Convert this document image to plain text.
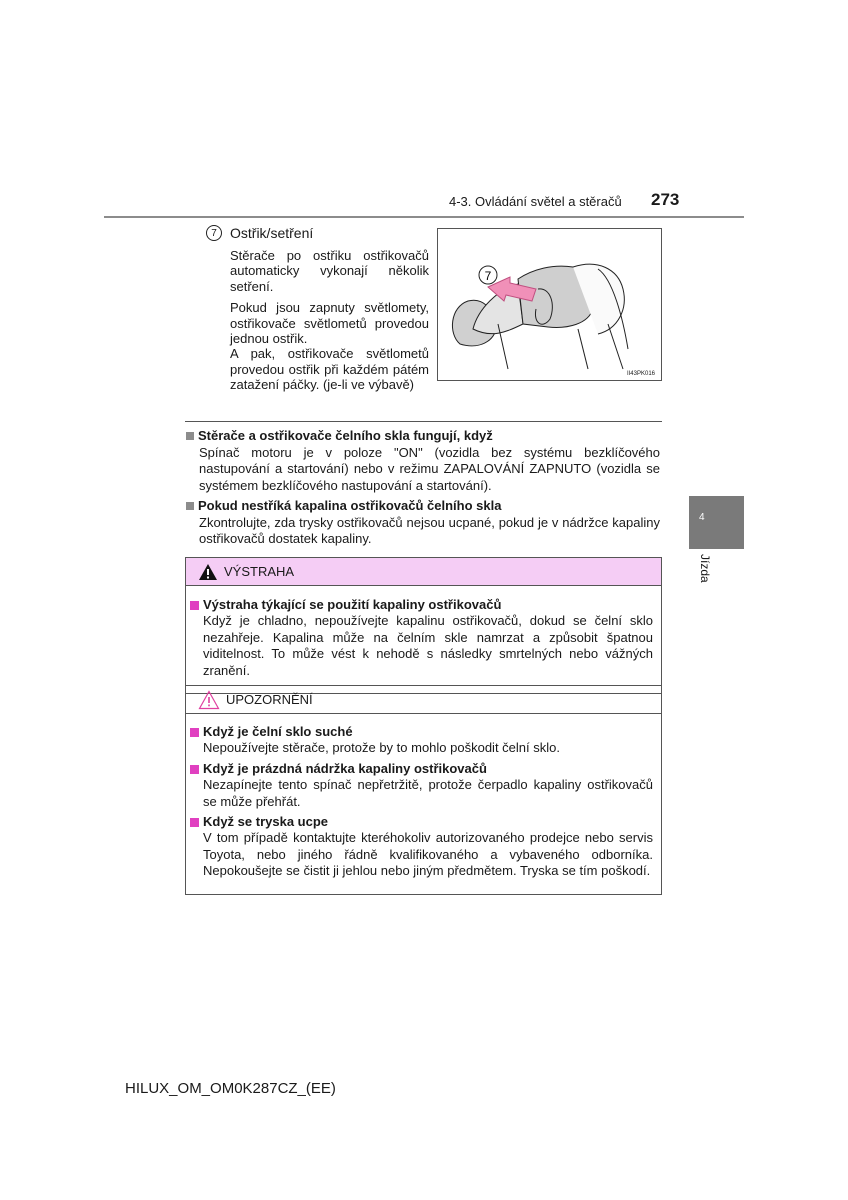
4-3. Ovládání světel a stěračů 273
7 Ostřik/setření

Stěrače po ostřiku ostřikovačů automaticky vykonají několik setření.

Pokud jsou zapnuty světlomety, ostřikovače světlometů provedou jednou ostřik.

A pak, ostřikovače světlometů provedou ostřik při každém pátém zatažení páčky. (je-li ve výbavě)

7
II43PK016
Stěrače a ostřikovače čelního skla fungují, když
Spínač motoru je v poloze "ON" (vozidla bez systému bezklíčového nastupování a startování) nebo v režimu ZAPALOVÁNÍ ZAPNUTO (vozidla se systémem bezklíčového nastupování a startování).
Pokud nestříká kapalina ostřikovačů čelního skla
Zkontrolujte, zda trysky ostřikovačů nejsou ucpané, pokud je v nádržce kapaliny ostřikovačů dostatek kapaliny.
VÝSTRAHA
Výstraha týkající se použití kapaliny ostřikovačů
Když je chladno, nepoužívejte kapalinu ostřikovačů, dokud se čelní sklo nezahřeje. Kapalina může na čelním skle namrzat a způsobit špatnou viditelnost. To může vést k nehodě s následky smrtelných nebo vážných zranění.
UPOZORNĚNÍ
Když je čelní sklo suché
Nepoužívejte stěrače, protože by to mohlo poškodit čelní sklo.
Když je prázdná nádržka kapaliny ostřikovačů
Nezapínejte tento spínač nepřetržitě, protože čerpadlo kapaliny ostřikovačů se může přehřát.
Když se tryska ucpe
V tom případě kontaktujte kteréhokoliv autorizovaného prodejce nebo servis Toyota, nebo jiného řádně kvalifikovaného a vybaveného odborníka. Nepokoušejte se čistit ji jehlou nebo jiným předmětem. Tryska se tím poškodí.
4
Jízda
HILUX_OM_OM0K287CZ_(EE)
